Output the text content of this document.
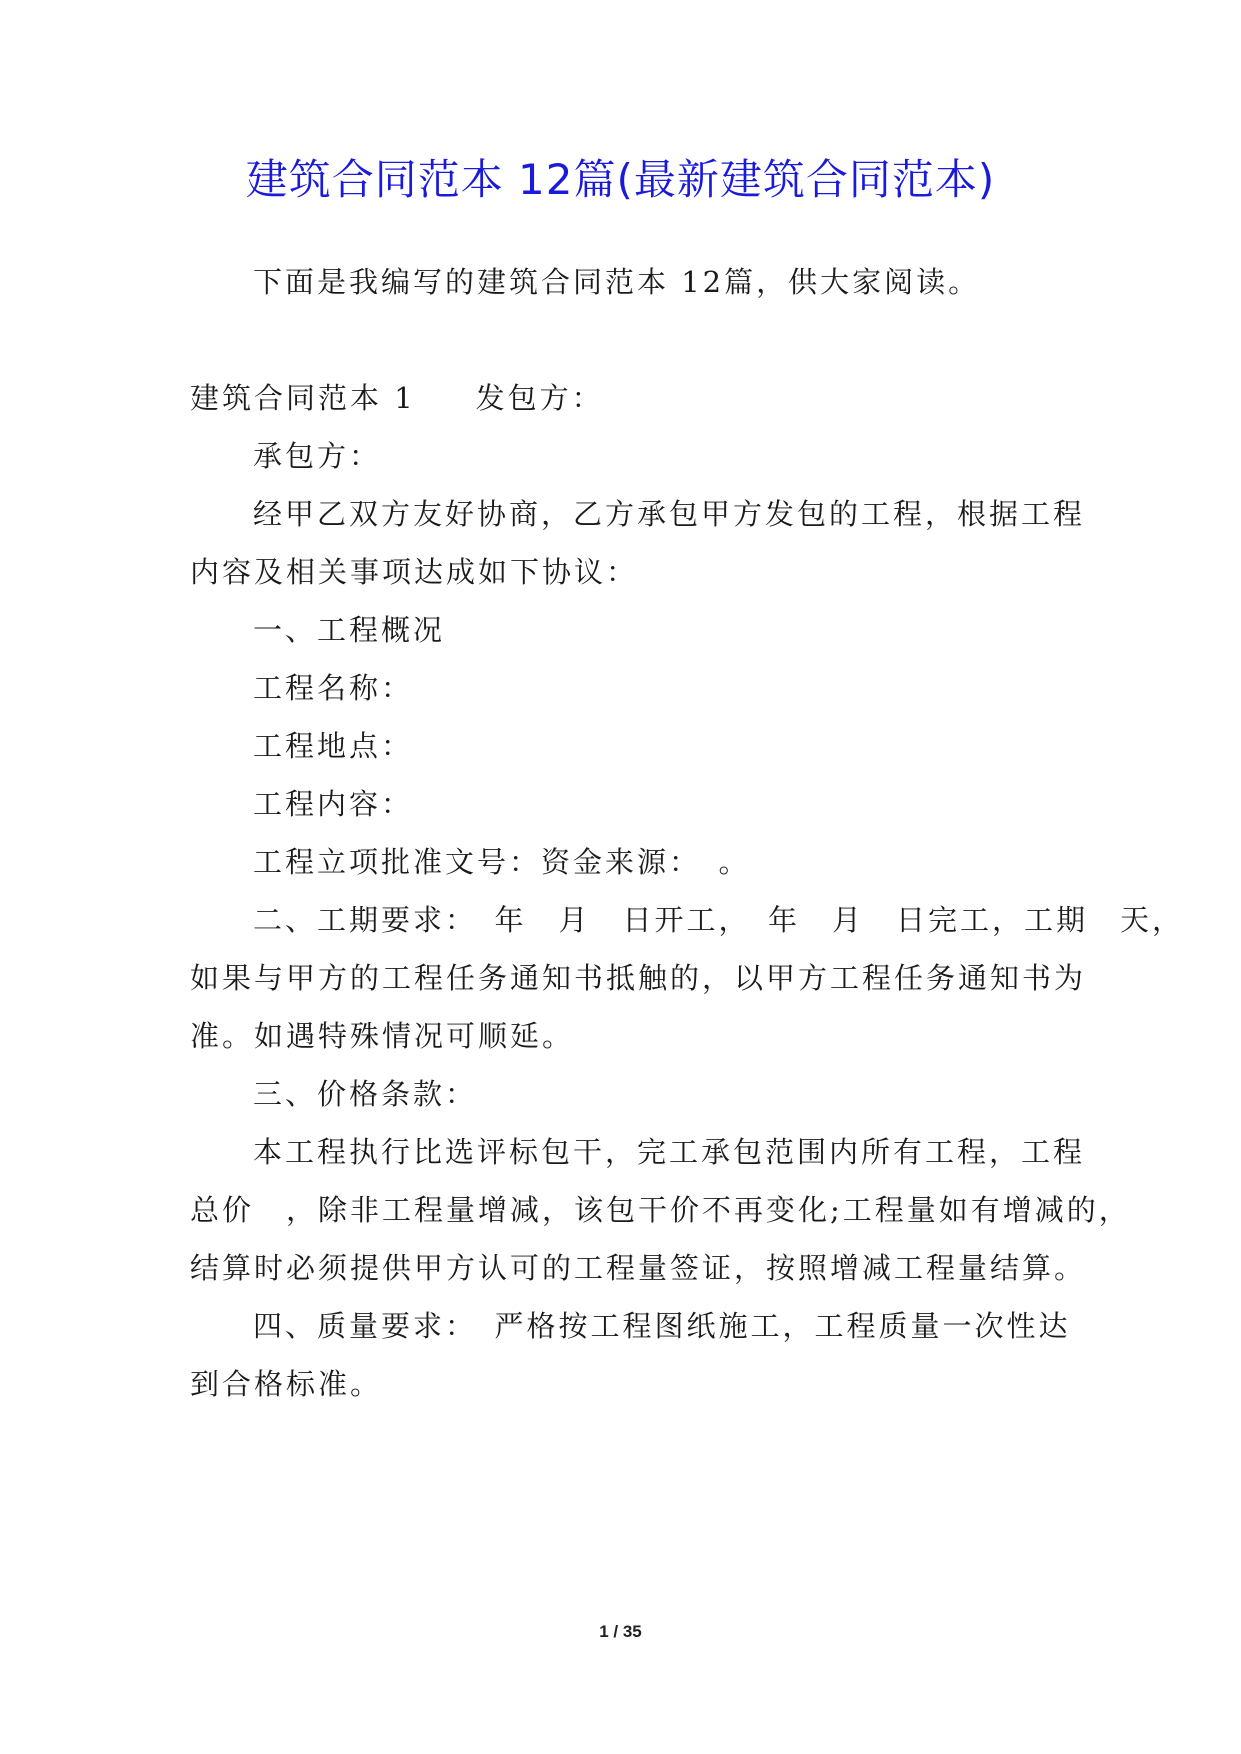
建筑合同范本 12篇(最新建筑合同范本)
下面是我编写的建筑合同范本 12篇，供大家阅读。
建筑合同范本 1 发包方：
承包方：
经甲乙双方友好协商，乙方承包甲方发包的工程，根据工程
内容及相关事项达成如下协议：
一、工程概况
工程名称：
工程地点：
工程内容：
工程立项批准文号：资金来源：　。
二、工期要求：　年　月　日开工，　年　月　日完工，工期　天，
如果与甲方的工程任务通知书抵触的，以甲方工程任务通知书为
准。如遇特殊情况可顺延。
三、价格条款：
本工程执行比选评标包干，完工承包范围内所有工程，工程
总价　，除非工程量增减，该包干价不再变化;工程量如有增减的，
结算时必须提供甲方认可的工程量签证，按照增减工程量结算。
四、质量要求：　严格按工程图纸施工，工程质量一次性达
到合格标准。
1 / 35
